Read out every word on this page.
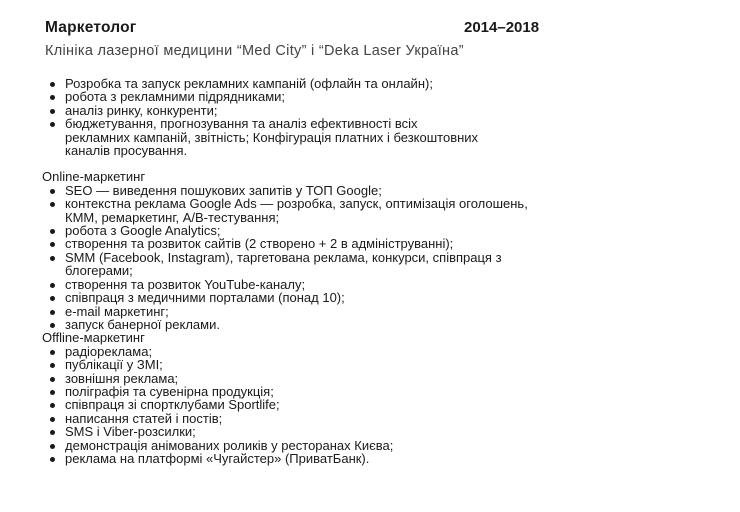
Маркетолог	2014–2018
Клініка лазерної медицини “Med City” і “Deka Laser Україна”
Розробка та запуск рекламних кампаній (офлайн та онлайн);
робота з рекламними підрядниками;
аналіз ринку, конкуренти;
бюджетування, прогнозування та аналіз ефективності всіх рекламних кампаній, звітність; Конфігурація платних і безкоштовних каналів просування.
Online-маркетинг
SEO — виведення пошукових запитів у ТОП Google;
контекстна реклама Google Ads — розробка, запуск, оптимізація оголошень, КММ, ремаркетинг, A/B-тестування;
робота з Google Analytics;
створення та розвиток сайтів (2 створено + 2 в адмініструванні);
SMM (Facebook, Instagram), таргетована реклама, конкурси, співпраця з блогерами;
створення та розвиток YouTube-каналу;
співпраця з медичними порталами (понад 10);
e-mail маркетинг;
запуск банерної реклами.
Offline-маркетинг
радіореклама;
публікації у ЗМІ;
зовнішня реклама;
поліграфія та сувенірна продукція;
співпраця зі спортклубами Sportlife;
написання статей і постів;
SMS і Viber-розсилки;
демонстрація анімованих роликів у ресторанах Києва;
реклама на платформі «Чугайстер» (ПриватБанк).
